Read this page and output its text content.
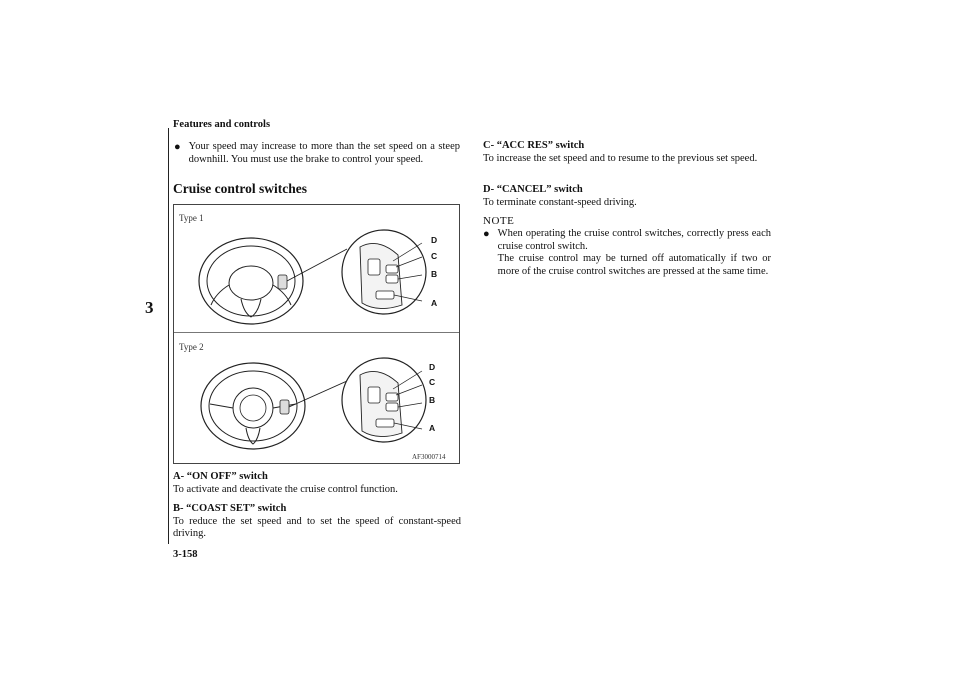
Features and controls
3
3-158
● Your speed may increase to more than the set speed on a steep downhill. You must use the brake to control your speed.
Cruise control switches
Type 1
Type 2
D
C
B
A
D
C
B
A
AF3000714
A- “ON OFF” switch
To activate and deactivate the cruise control function.
B- “COAST SET” switch
To reduce the set speed and to set the speed of constant-speed driving.
C- “ACC RES” switch
To increase the set speed and to resume to the previous set speed.
D- “CANCEL” switch
To terminate constant-speed driving.
NOTE
● When operating the cruise control switches, correctly press each cruise control switch.
The cruise control may be turned off automatically if two or more of the cruise control switches are pressed at the same time.
